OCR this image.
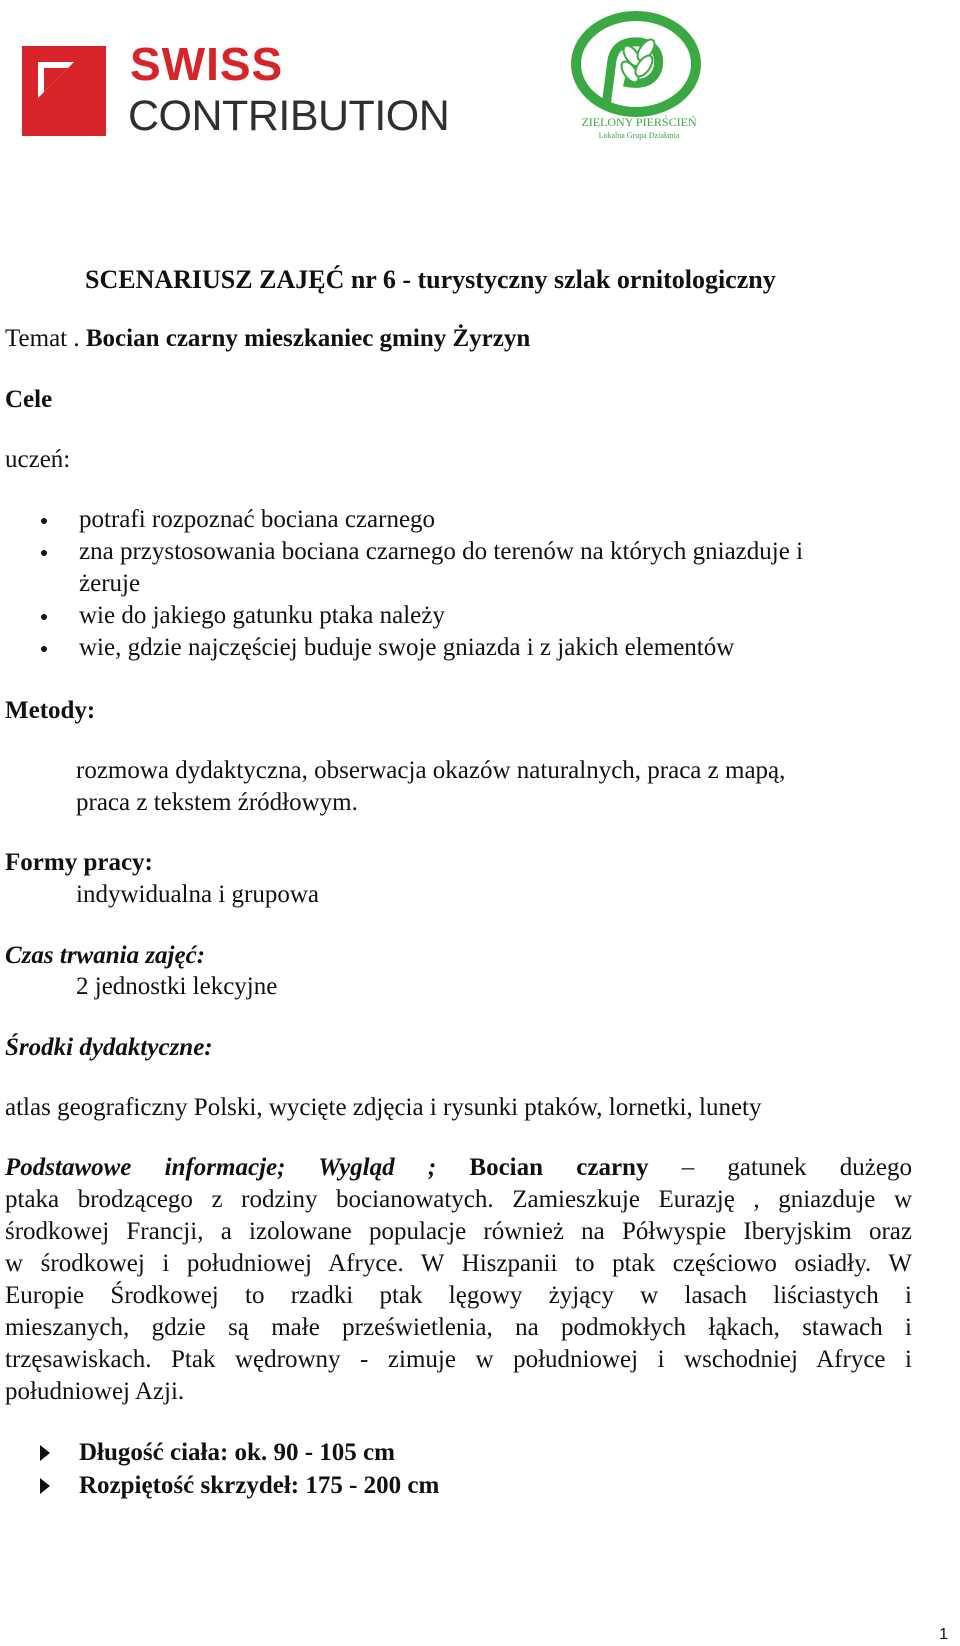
SWISS
CONTRIBUTION	ZIELONY PIERŚCIEŃ
Lokalna Grupa Działania
SCENARIUSZ ZAJĘĆ nr 6 - turystyczny szlak ornitologiczny
Temat . Bocian czarny mieszkaniec gminy Żyrzyn
Cele
uczeń:
potrafi rozpoznać bociana czarnego
zna przystosowania bociana czarnego do terenów na których gniazduje i
żeruje
wie do jakiego gatunku ptaka należy
wie, gdzie najczęściej buduje swoje gniazda i z jakich elementów
Metody:
rozmowa dydaktyczna, obserwacja okazów naturalnych, praca z mapą,
praca z tekstem źródłowym.
Formy pracy:
indywidualna i grupowa
Czas trwania zajęć:
2 jednostki lekcyjne
Środki dydaktyczne:
atlas geograficzny Polski, wycięte zdjęcia i rysunki ptaków, lornetki, lunety
Podstawowe informacje; Wygląd ; Bocian czarny – gatunek dużego
ptaka brodzącego z rodziny bocianowatych. Zamieszkuje Eurazję , gniazduje w
środkowej Francji, a izolowane populacje również na Półwyspie Iberyjskim oraz
w środkowej i południowej Afryce. W Hiszpanii to ptak częściowo osiadły. W
Europie Środkowej to rzadki ptak lęgowy żyjący w lasach liściastych i
mieszanych, gdzie są małe prześwietlenia, na podmokłych łąkach, stawach i
trzęsawiskach. Ptak wędrowny - zimuje w południowej i wschodniej Afryce i
południowej Azji.
Długość ciała: ok. 90 - 105 cm
Rozpiętość skrzydeł: 175 - 200 cm
1
